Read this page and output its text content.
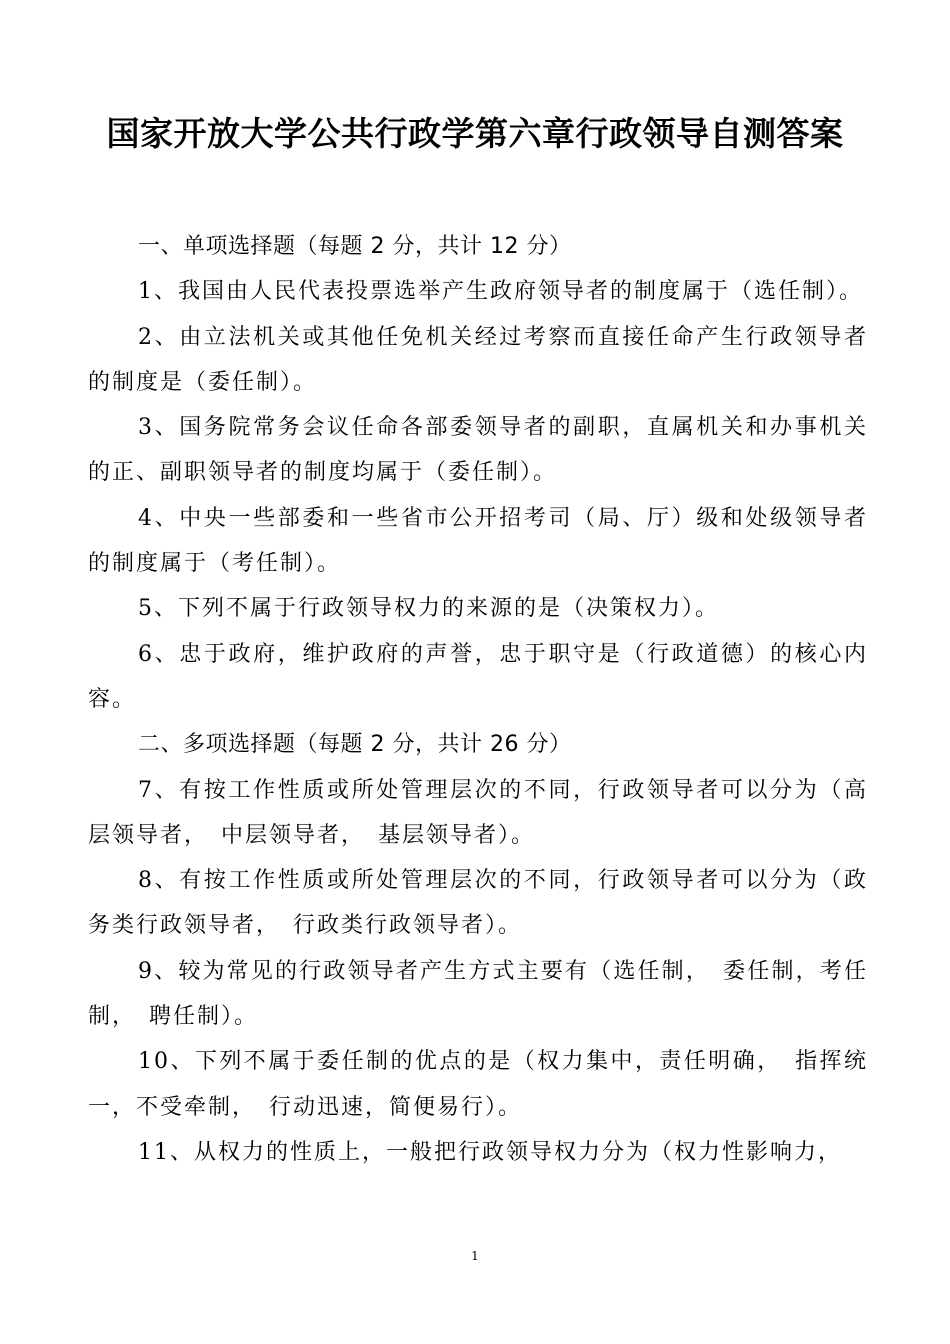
国家开放大学公共行政学第六章行政领导自测答案

一、单项选择题（每题 2 分，共计 12 分）

1、我国由人民代表投票选举产生政府领导者的制度属于（选任制）。

2、由立法机关或其他任免机关经过考察而直接任命产生行政领导者的制度是（委任制）。

3、国务院常务会议任命各部委领导者的副职，直属机关和办事机关的正、副职领导者的制度均属于（委任制）。

4、中央一些部委和一些省市公开招考司（局、厅）级和处级领导者的制度属于（考任制）。

5、下列不属于行政领导权力的来源的是（决策权力）。

6、忠于政府，维护政府的声誉，忠于职守是（行政道德）的核心内容。

二、多项选择题（每题 2 分，共计 26 分）

7、有按工作性质或所处管理层次的不同，行政领导者可以分为（高层领导者，　中层领导者，　基层领导者）。

8、有按工作性质或所处管理层次的不同，行政领导者可以分为（政务类行政领导者，　行政类行政领导者）。

9、较为常见的行政领导者产生方式主要有（选任制，　委任制，考任制，　聘任制）。

10、下列不属于委任制的优点的是（权力集中，责任明确，　指挥统一，不受牵制，　行动迅速，简便易行）。

11、从权力的性质上，一般把行政领导权力分为（权力性影响力，

1
